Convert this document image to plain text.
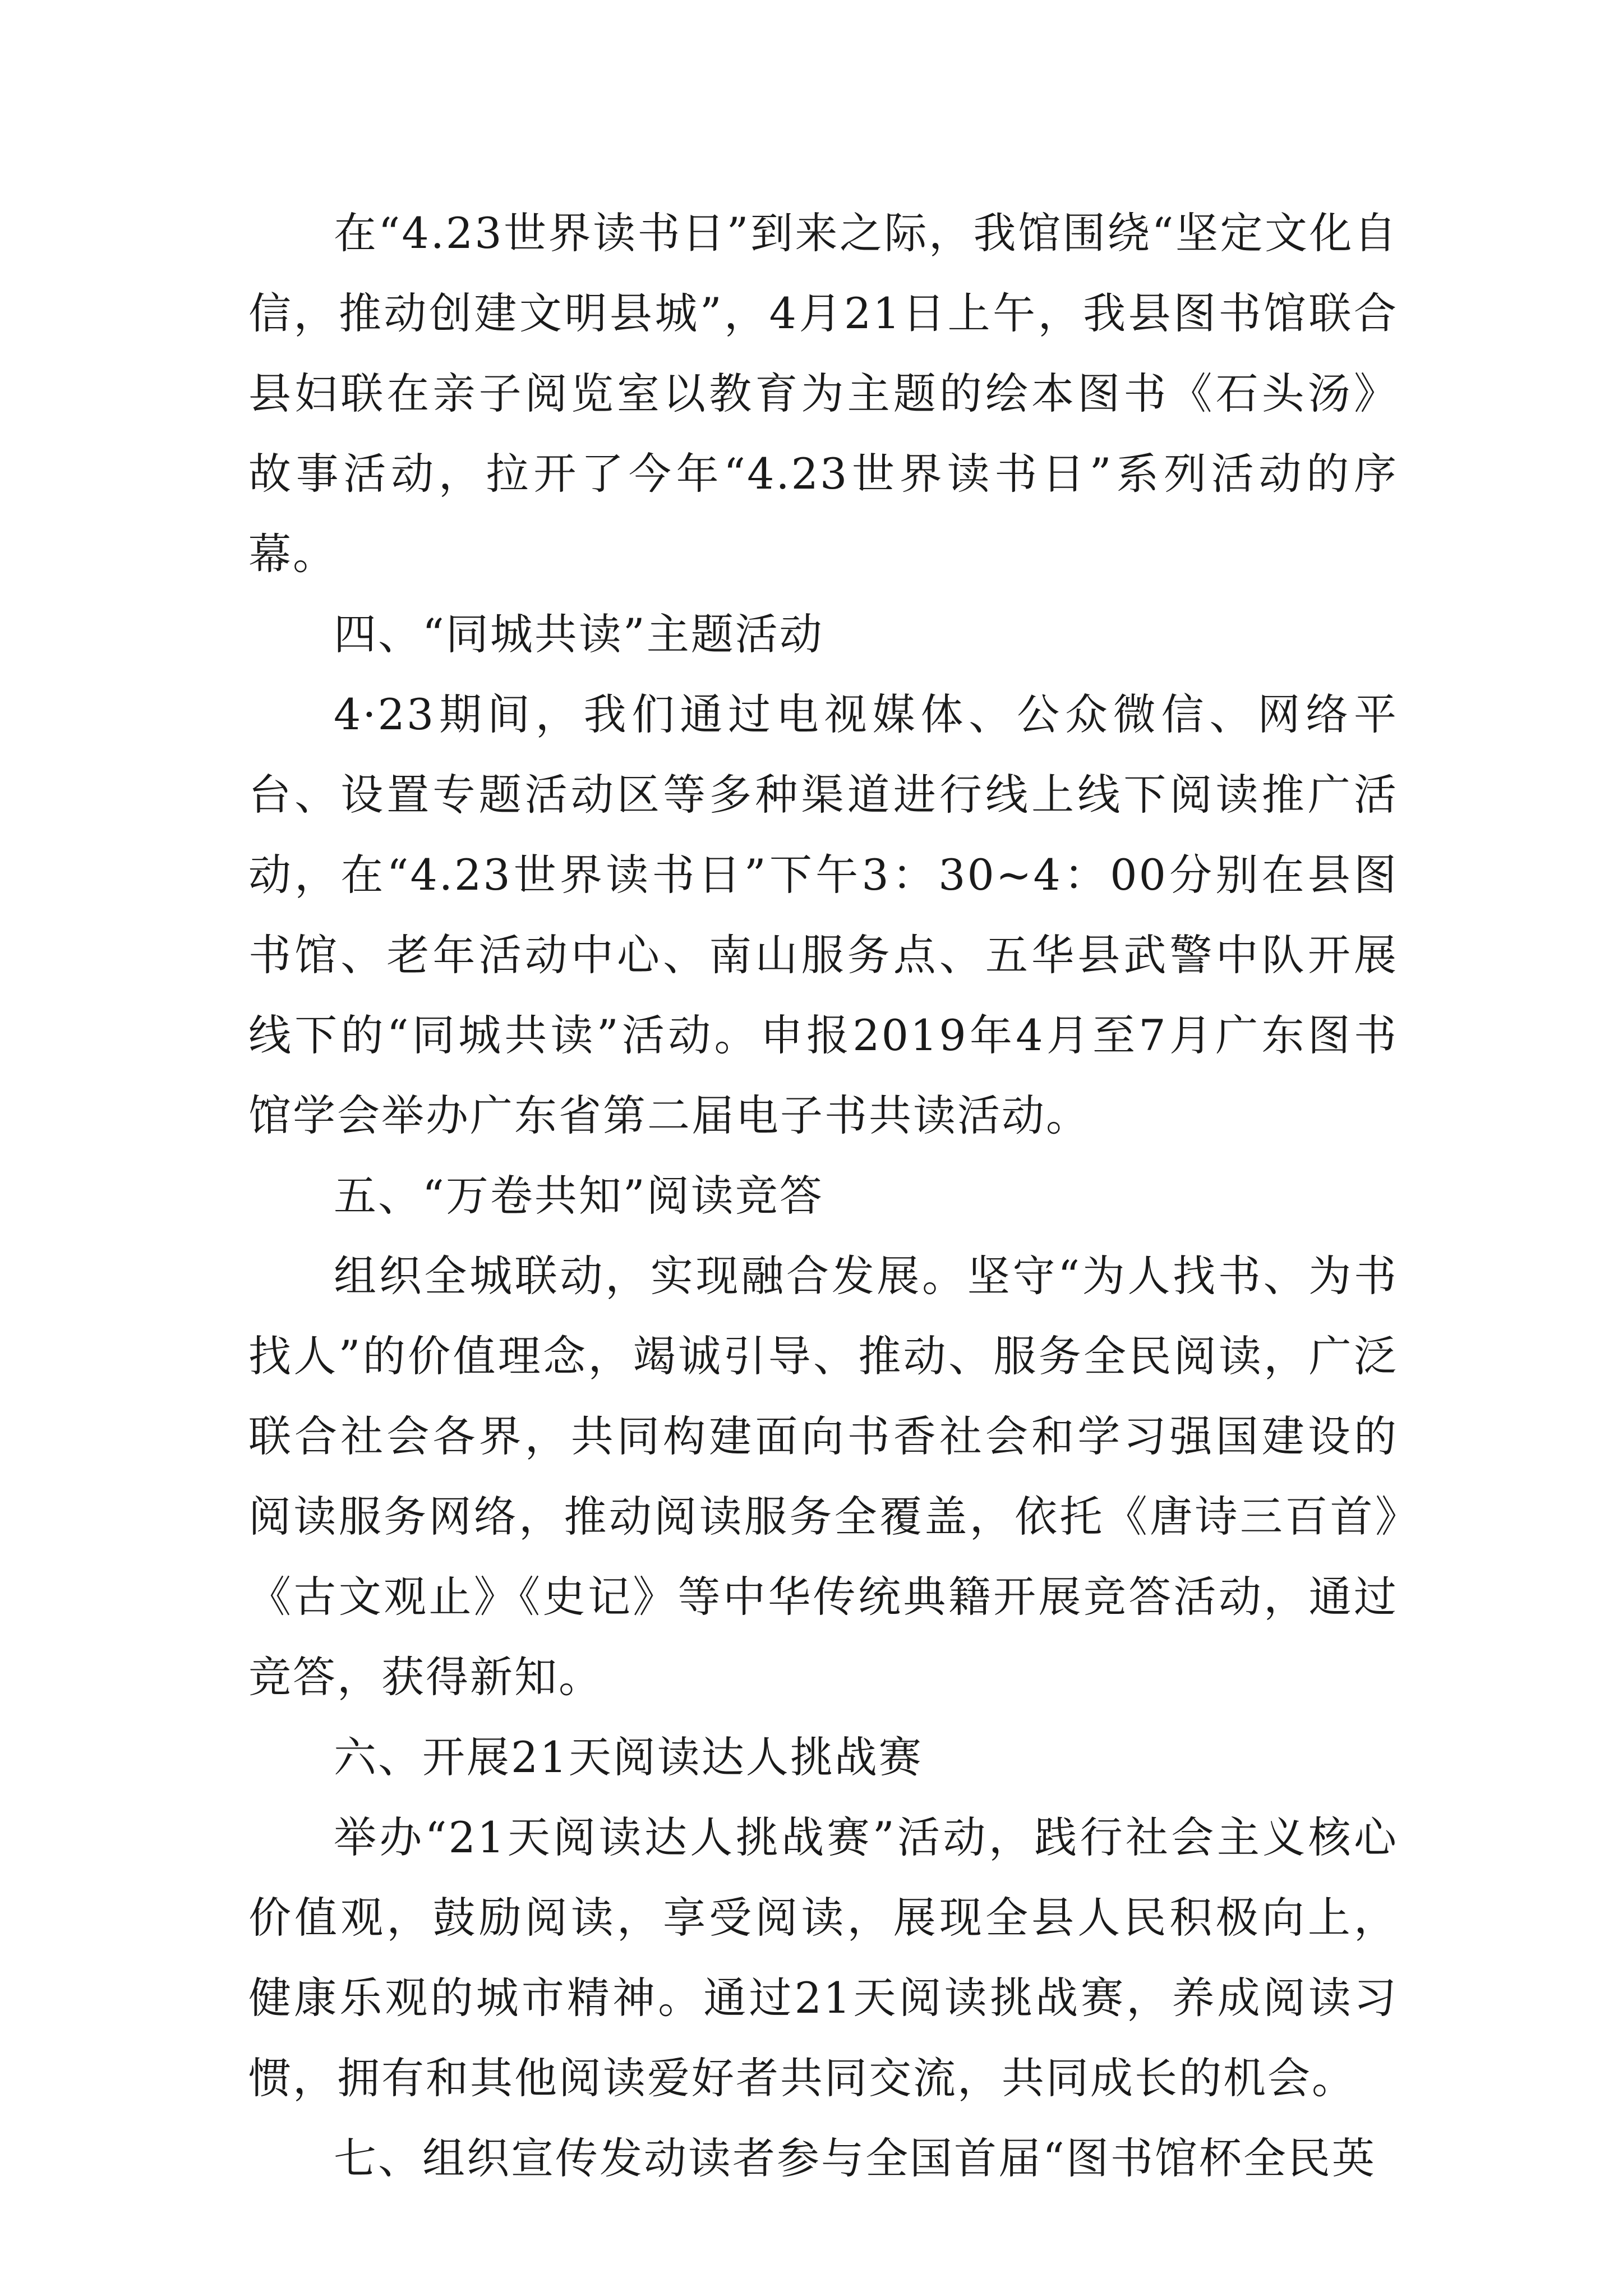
在“4.23世界读书日”到来之际，我馆围绕“坚定文化自信，推动创建文明县城”，4月21日上午，我县图书馆联合县妇联在亲子阅览室以教育为主题的绘本图书《石头汤》故事活动，拉开了今年“4.23世界读书日”系列活动的序幕。

四、“同城共读”主题活动

4·23期间，我们通过电视媒体、公众微信、网络平台、设置专题活动区等多种渠道进行线上线下阅读推广活动，在“4.23世界读书日”下午3：30~4：00分别在县图书馆、老年活动中心、南山服务点、五华县武警中队开展线下的“同城共读”活动。申报2019年4月至7月广东图书馆学会举办广东省第二届电子书共读活动。

五、“万卷共知”阅读竞答

组织全城联动，实现融合发展。坚守“为人找书、为书找人”的价值理念，竭诚引导、推动、服务全民阅读，广泛联合社会各界，共同构建面向书香社会和学习强国建设的阅读服务网络，推动阅读服务全覆盖，依托《唐诗三百首》《古文观止》《史记》等中华传统典籍开展竞答活动，通过竞答，获得新知。

六、开展21天阅读达人挑战赛

举办“21天阅读达人挑战赛”活动，践行社会主义核心价值观，鼓励阅读，享受阅读，展现全县人民积极向上，健康乐观的城市精神。通过21天阅读挑战赛，养成阅读习惯，拥有和其他阅读爱好者共同交流，共同成长的机会。

七、组织宣传发动读者参与全国首届“图书馆杯全民英
